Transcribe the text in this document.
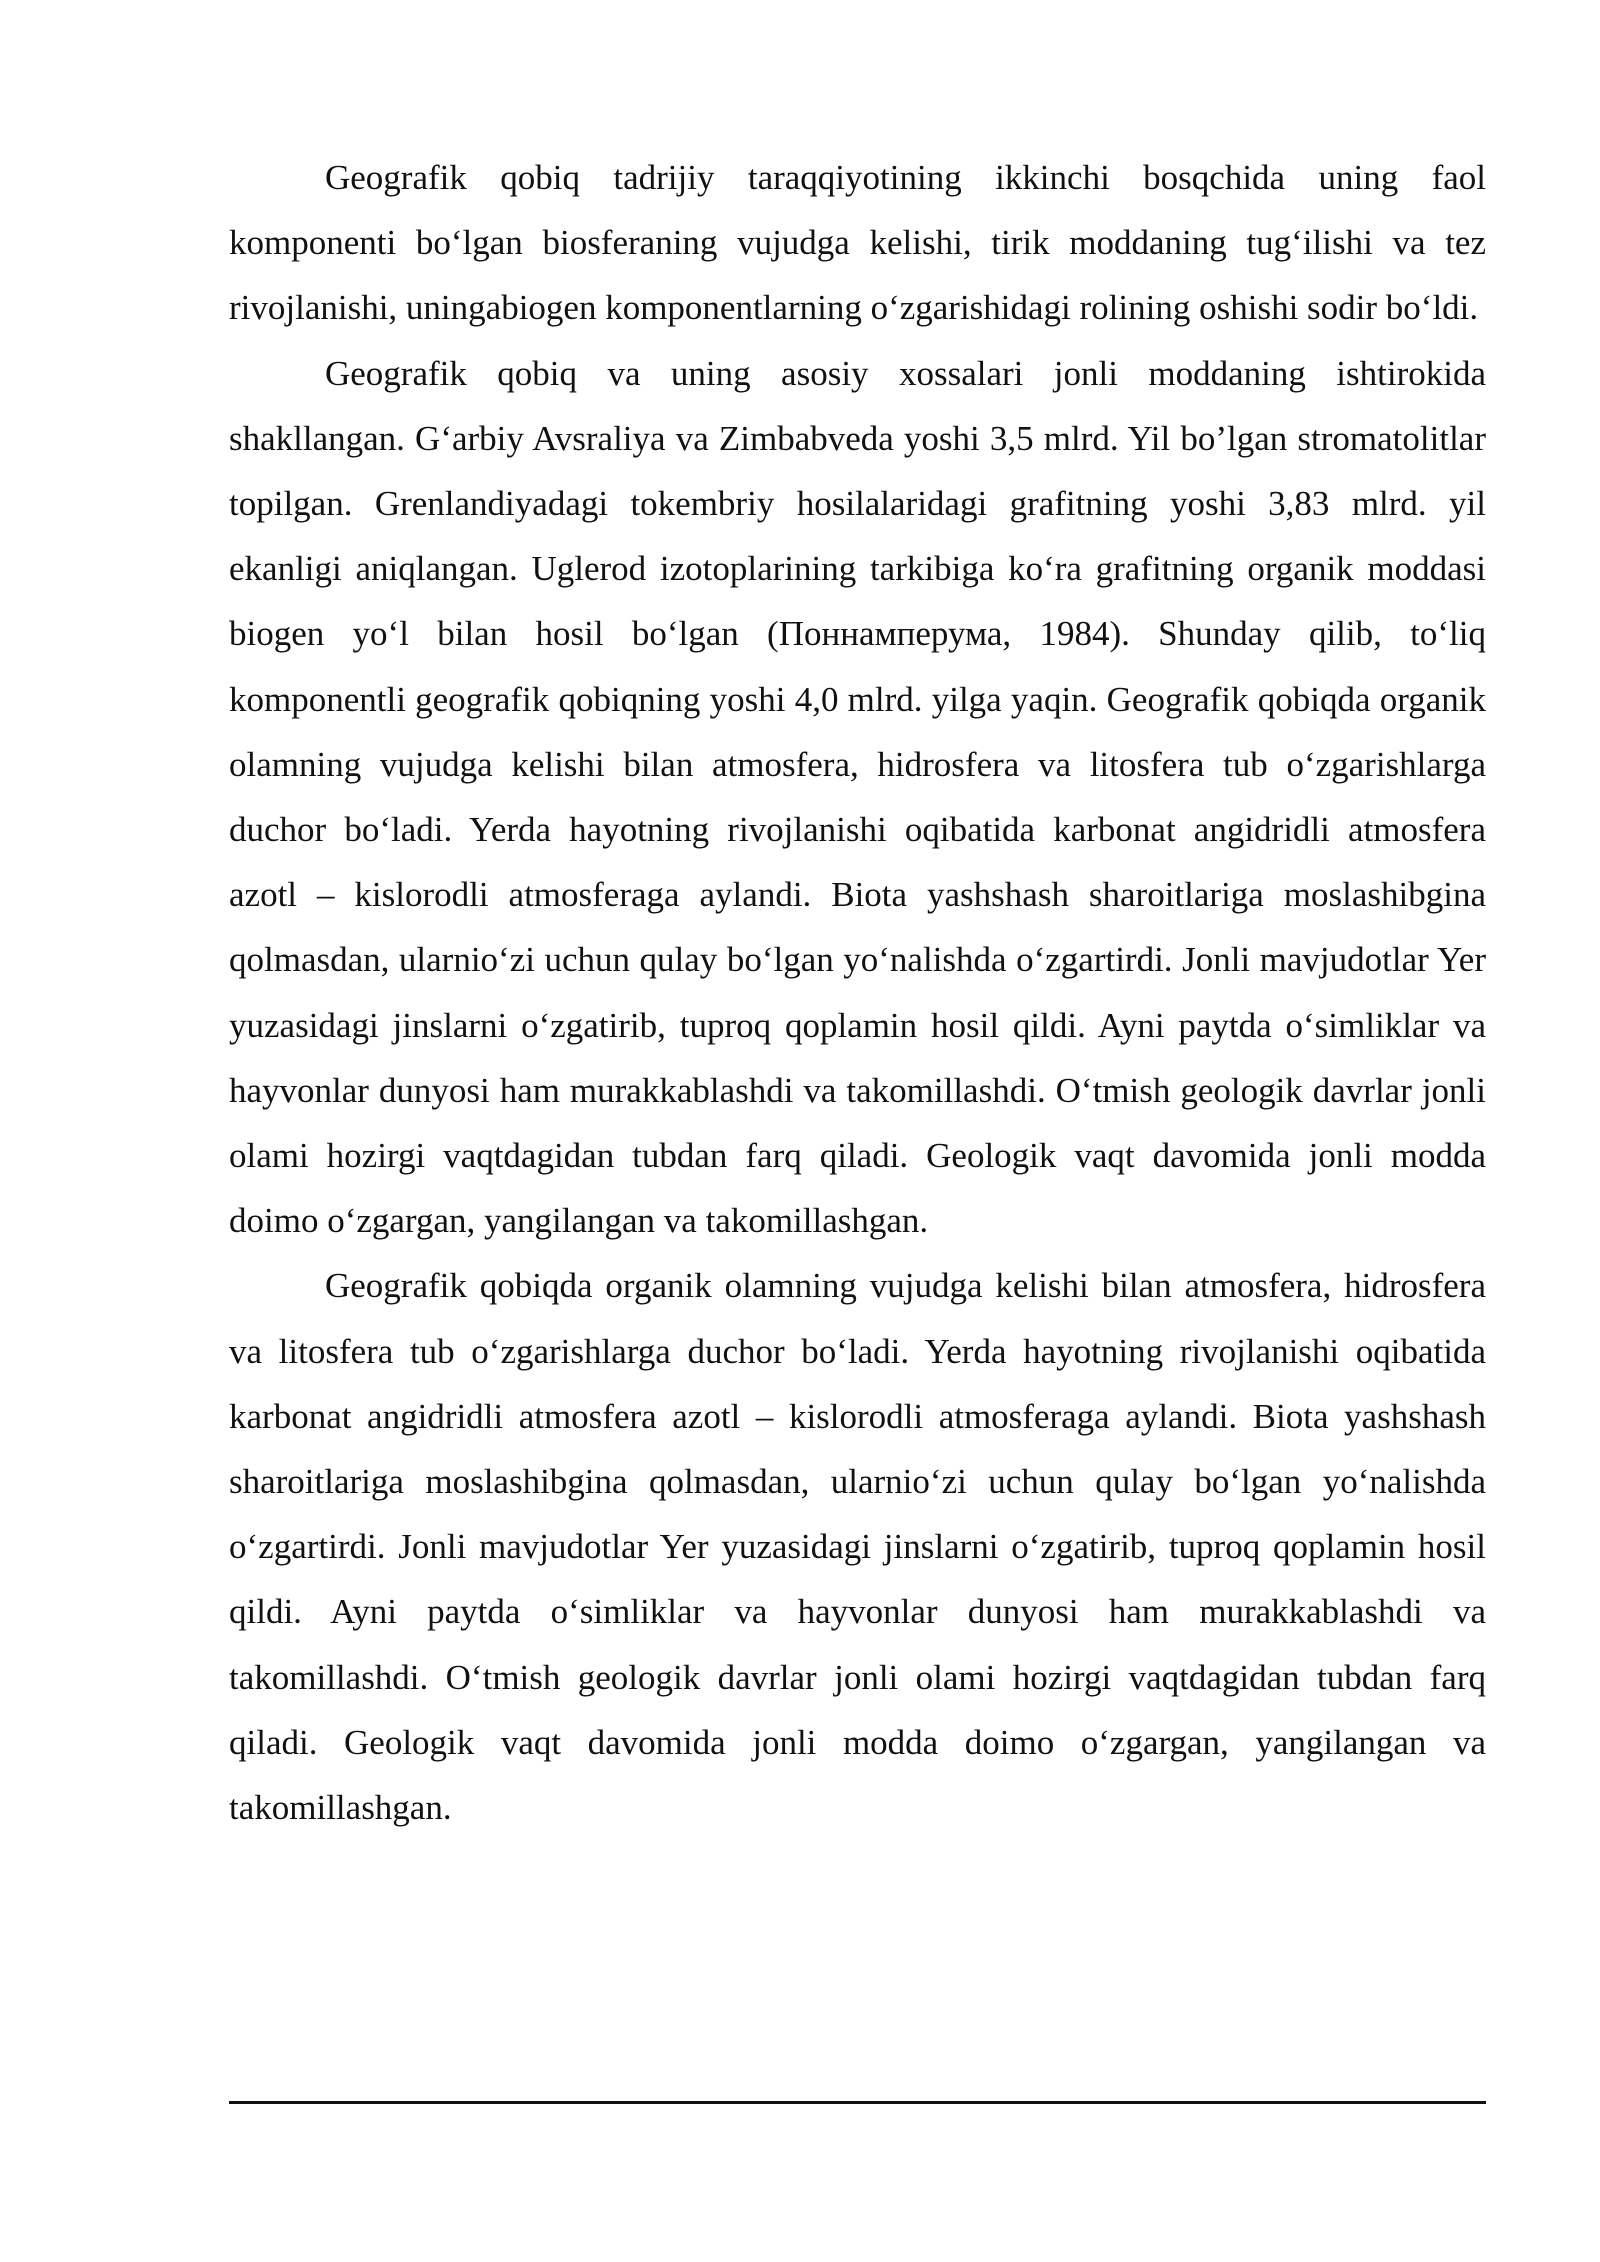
Geografik qobiq tadrijiy taraqqiyotining ikkinchi bosqchida uning faol komponenti bo‘lgan biosferaning vujudga kelishi, tirik moddaning tug‘ilishi va tez rivojlanishi, uningabiogen komponentlarning o‘zgarishidagi rolining oshishi sodir bo‘ldi.

Geografik qobiq va uning asosiy xossalari jonli moddaning ishtirokida shakllangan. G‘arbiy Avsraliya va Zimbabveda yoshi 3,5 mlrd. Yil bo’lgan stromatolitlar topilgan. Grenlandiyadagi tokembriy hosilalaridagi grafitning yoshi 3,83 mlrd. yil ekanligi aniqlangan. Uglerod izotoplarining tarkibiga ko‘ra grafitning organik moddasi biogen yo‘l bilan hosil bo‘lgan (Поннамперума, 1984). Shunday qilib, to‘liq komponentli geografik qobiqning yoshi 4,0 mlrd. yilga yaqin. Geografik qobiqda organik olamning vujudga kelishi bilan atmosfera, hidrosfera va litosfera tub o‘zgarishlarga duchor bo‘ladi. Yerda hayotning rivojlanishi oqibatida karbonat angidridli atmosfera azotl – kislorodli atmosferaga aylandi. Biota yashshash sharoitlariga moslashibgina qolmasdan, ularnio‘zi uchun qulay bo‘lgan yo‘nalishda o‘zgartirdi. Jonli mavjudotlar Yer yuzasidagi jinslarni o‘zgatirib, tuproq qoplamin hosil qildi. Ayni paytda o‘simliklar va hayvonlar dunyosi ham murakkablashdi va takomillashdi. O‘tmish geologik davrlar jonli olami hozirgi vaqtdagidan tubdan farq qiladi. Geologik vaqt davomida jonli modda doimo o‘zgargan, yangilangan va takomillashgan.

Geografik qobiqda organik olamning vujudga kelishi bilan atmosfera, hidrosfera va litosfera tub o‘zgarishlarga duchor bo‘ladi. Yerda hayotning rivojlanishi oqibatida karbonat angidridli atmosfera azotl – kislorodli atmosferaga aylandi. Biota yashshash sharoitlariga moslashibgina qolmasdan, ularnio‘zi uchun qulay bo‘lgan yo‘nalishda o‘zgartirdi. Jonli mavjudotlar Yer yuzasidagi jinslarni o‘zgatirib, tuproq qoplamin hosil qildi. Ayni paytda o‘simliklar va hayvonlar dunyosi ham murakkablashdi va takomillashdi. O‘tmish geologik davrlar jonli olami hozirgi vaqtdagidan tubdan farq qiladi. Geologik vaqt davomida jonli modda doimo o‘zgargan, yangilangan va takomillashgan.
